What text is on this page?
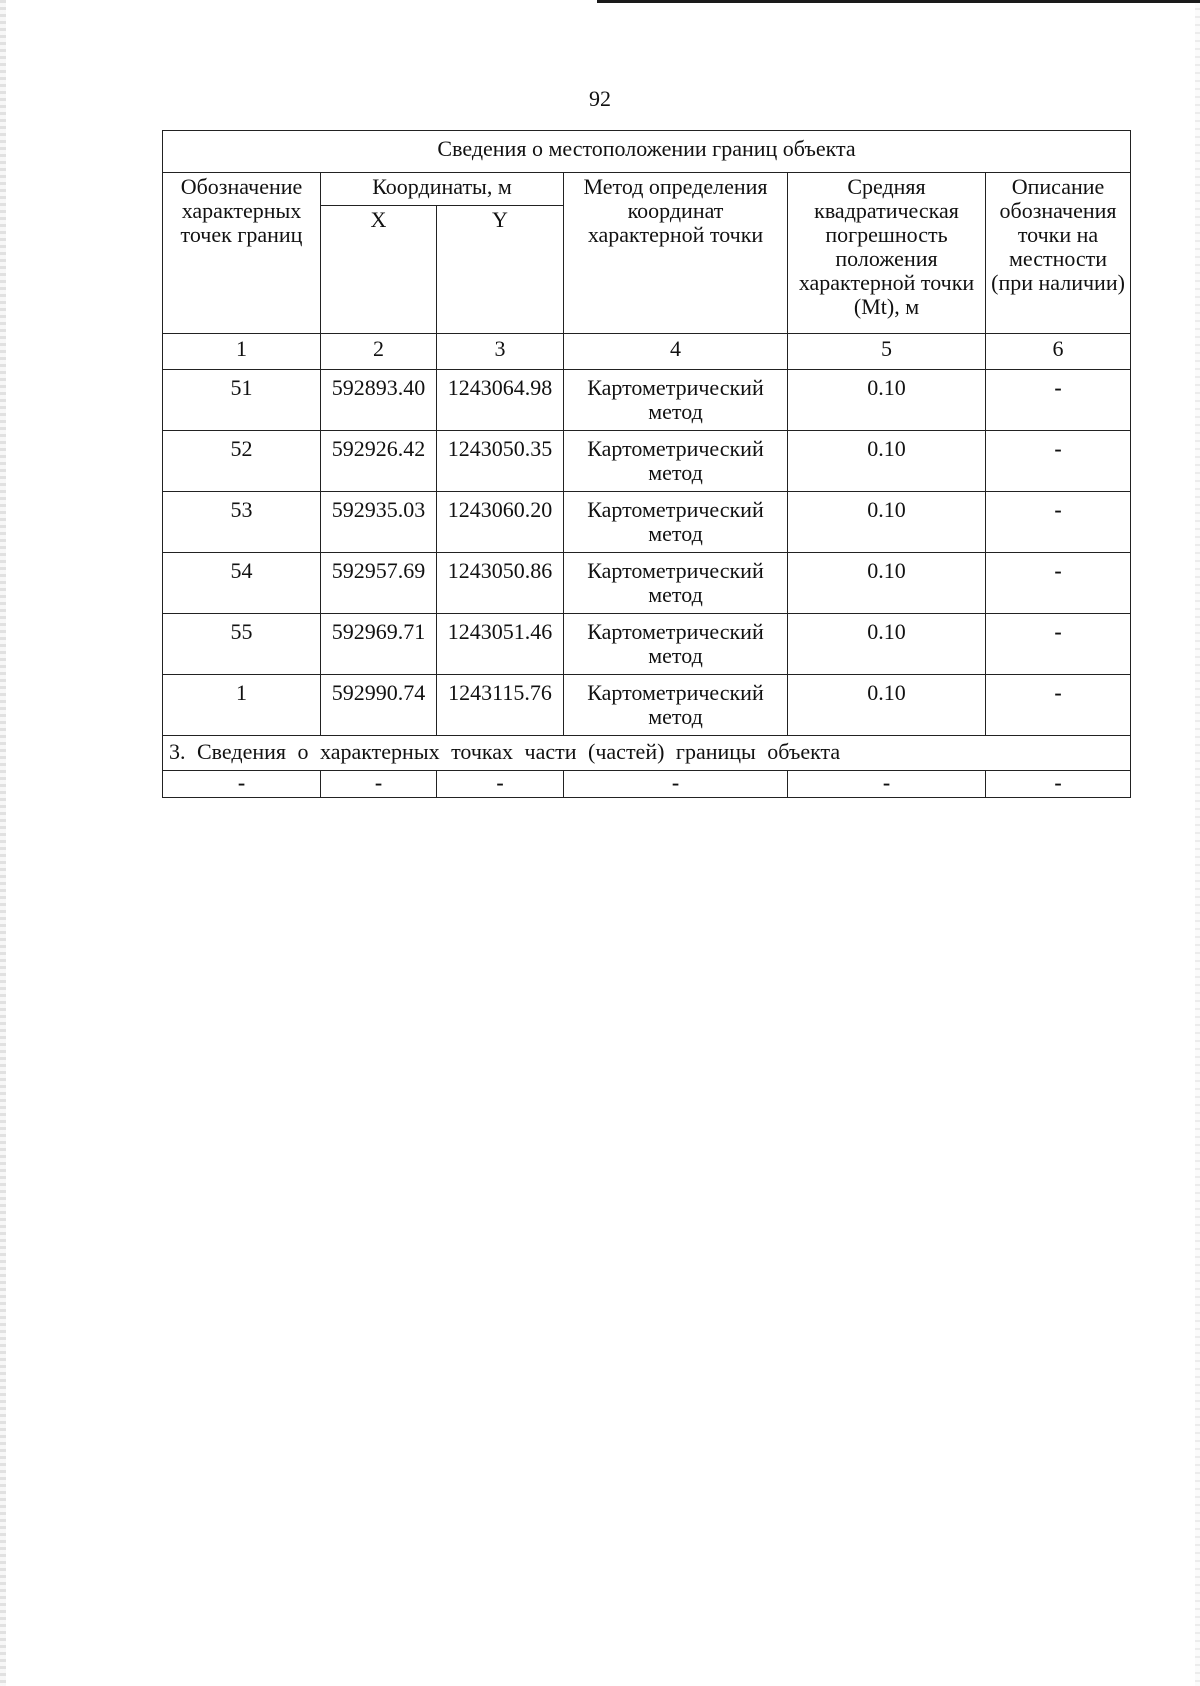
92
Сведения о местоположении границ объекта					
Обозначение характерных точек границ	Координаты, м		Метод определения координат характерной точки	Средняя квадратическая погрешность положения характерной точки (Mt), м	Описание обозначения точки на местности (при наличии)
	X	Y			
1	2	3	4	5	6
51	592893.40	1243064.98	Картометрический метод	0.10	-
52	592926.42	1243050.35	Картометрический метод	0.10	-
53	592935.03	1243060.20	Картометрический метод	0.10	-
54	592957.69	1243050.86	Картометрический метод	0.10	-
55	592969.71	1243051.46	Картометрический метод	0.10	-
1	592990.74	1243115.76	Картометрический метод	0.10	-
3. Сведения о характерных точках части (частей) границы объекта					
-	-	-	-	-	-
